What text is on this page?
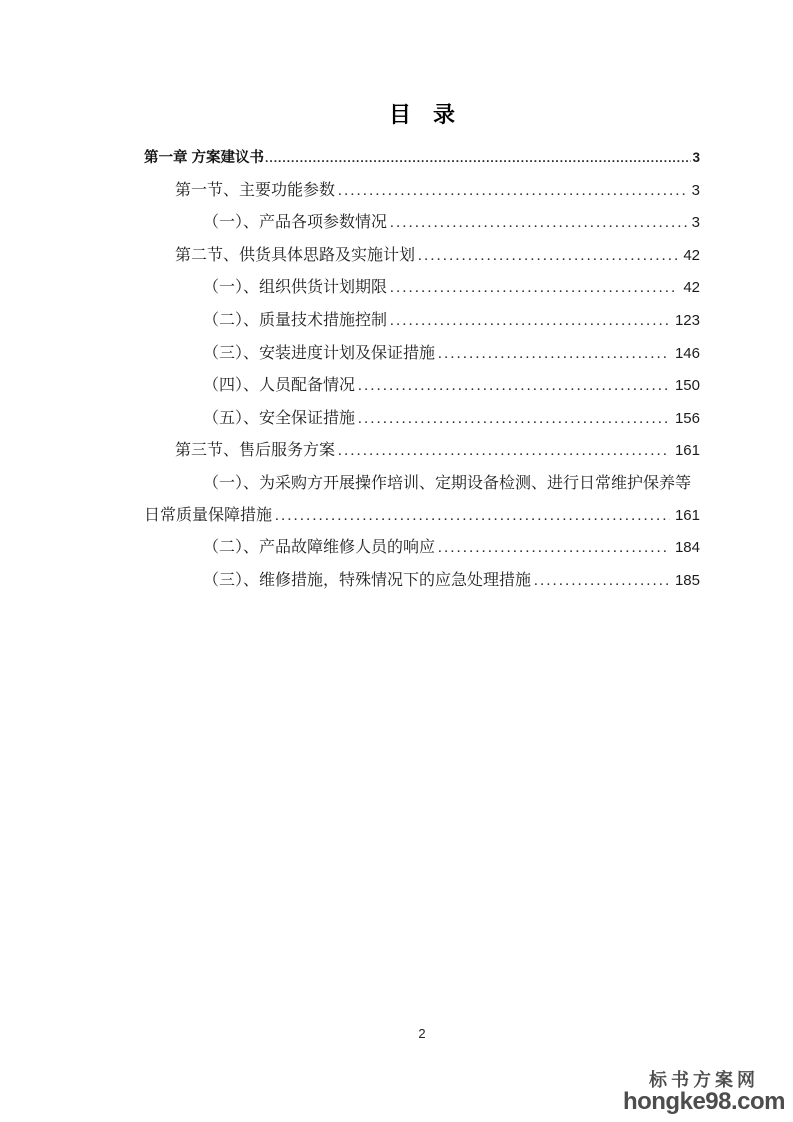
目　录
第一章 方案建议书 .....	3
第一节、主要功能参数 .....	3
（一）、产品各项参数情况 .....	3
第二节、供货具体思路及实施计划 .....	42
（一）、组织供货计划期限 .....	42
（二）、质量技术措施控制 .....	123
（三）、安装进度计划及保证措施 .....	146
（四）、人员配备情况 .....	150
（五）、安全保证措施 .....	156
第三节、售后服务方案 .....	161
（一）、为采购方开展操作培训、定期设备检测、进行日常维护保养等
日常质量保障措施 .....	161
（二）、产品故障维修人员的响应 .....	184
（三）、维修措施，特殊情况下的应急处理措施 .....	185
2
标书方案网
hongke98.com
